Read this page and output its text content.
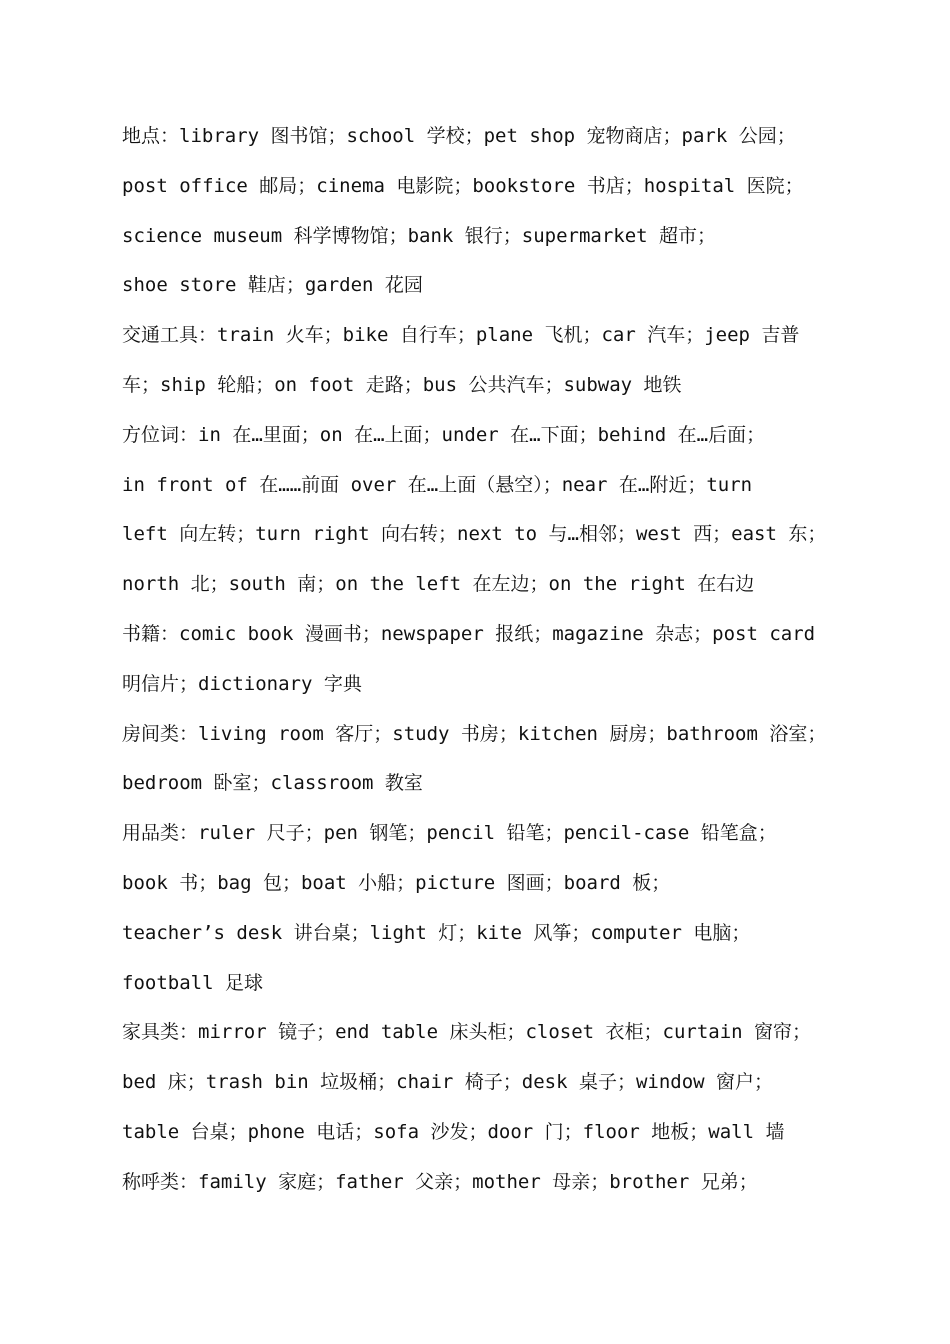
地点：library 图书馆；school 学校；pet shop 宠物商店；park 公园；
post office 邮局；cinema 电影院；bookstore 书店；hospital 医院；
science museum 科学博物馆；bank 银行；supermarket 超市；
shoe store 鞋店；garden 花园
交通工具：train 火车；bike 自行车；plane 飞机；car 汽车；jeep 吉普
车；ship 轮船；on foot 走路；bus 公共汽车；subway 地铁
方位词：in 在…里面；on 在…上面；under 在…下面；behind 在…后面；
in front of 在……前面 over 在…上面（悬空）；near 在…附近；turn
left 向左转；turn right 向右转；next to 与…相邻；west 西；east 东；
north 北；south 南；on the left 在左边；on the right 在右边
书籍：comic book 漫画书；newspaper 报纸；magazine 杂志；post card
明信片；dictionary 字典
房间类：living room 客厅；study 书房；kitchen 厨房；bathroom 浴室；
bedroom 卧室；classroom 教室
用品类：ruler 尺子；pen 钢笔；pencil 铅笔；pencil-case 铅笔盒；
book 书；bag 包；boat 小船；picture 图画；board 板；
teacher’s desk 讲台桌；light 灯；kite 风筝；computer 电脑；
football 足球
家具类：mirror 镜子；end table 床头柜；closet 衣柜；curtain 窗帘；
bed 床；trash bin 垃圾桶；chair 椅子；desk 桌子；window 窗户；
table 台桌；phone 电话；sofa 沙发；door 门；floor 地板；wall 墙
称呼类：family 家庭；father 父亲；mother 母亲；brother 兄弟；
